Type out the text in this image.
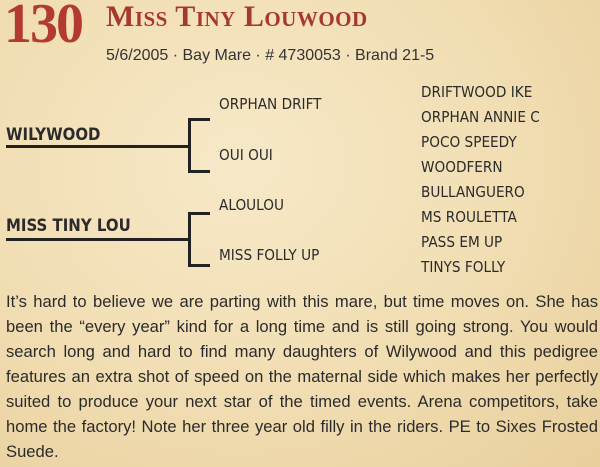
130 Miss Tiny Louwood
5/6/2005 · Bay Mare · # 4730053 · Brand 21-5
WILYWOOD
MISS TINY LOU
ORPHAN DRIFT
OUI OUI
ALOULOU
MISS FOLLY UP
DRIFTWOOD IKE
ORPHAN ANNIE C
POCO SPEEDY
WOODFERN
BULLANGUERO
MS ROULETTA
PASS EM UP
TINYS FOLLY

It’s hard to believe we are parting with this mare, but time moves on. She has been the “every year” kind for a long time and is still going strong. You would search long and hard to find many daughters of Wilywood and this pedigree features an extra shot of speed on the maternal side which makes her perfectly suited to produce your next star of the timed events. Arena competitors, take home the factory! Note her three year old filly in the riders. PE to Sixes Frosted Suede.
